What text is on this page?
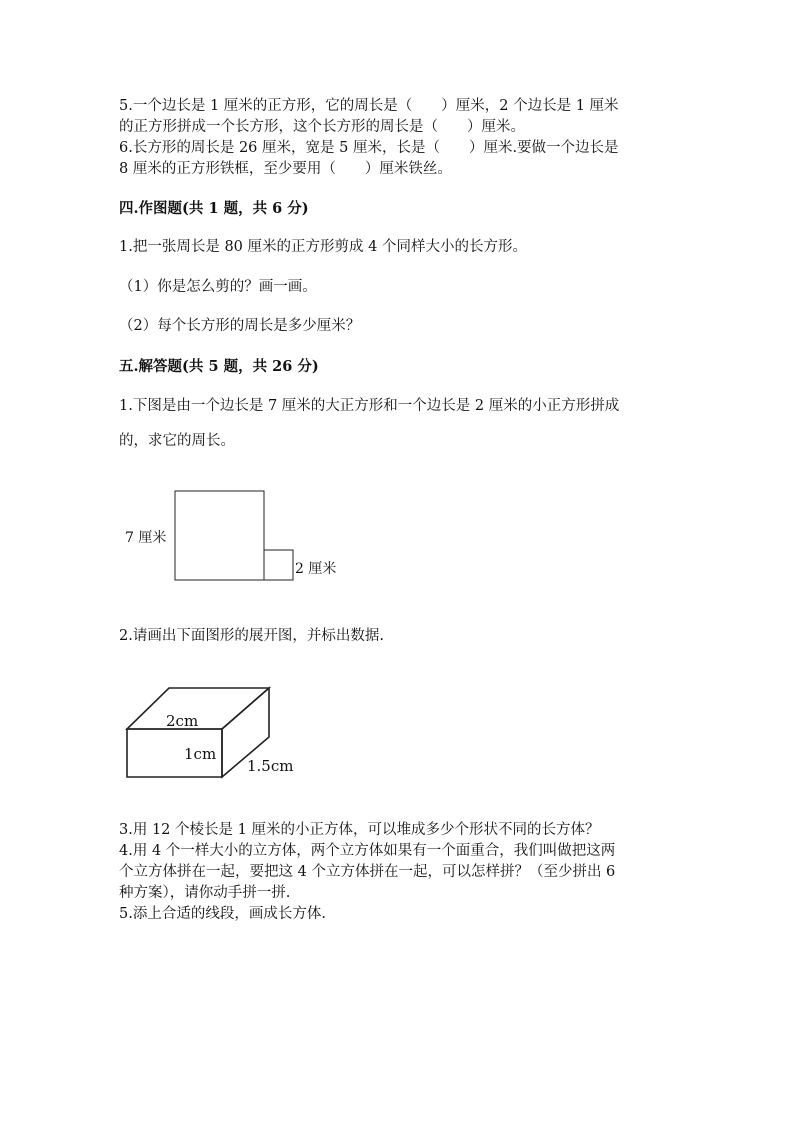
5.一个边长是 1 厘米的正方形，它的周长是（　　）厘米，2 个边长是 1 厘米
的正方形拼成一个长方形，这个长方形的周长是（　　）厘米。
6.长方形的周长是 26 厘米，宽是 5 厘米，长是（　　）厘米.要做一个边长是
8 厘米的正方形铁框，至少要用（　　）厘米铁丝。
四.作图题(共 1 题，共 6 分)
1.把一张周长是 80 厘米的正方形剪成 4 个同样大小的长方形。
（1）你是怎么剪的？画一画。
（2）每个长方形的周长是多少厘米？
五.解答题(共 5 题，共 26 分)
1.下图是由一个边长是 7 厘米的大正方形和一个边长是 2 厘米的小正方形拼成
的，求它的周长。
7 厘米
2 厘米
2.请画出下面图形的展开图，并标出数据.
2cm
1cm
1.5cm
3.用 12 个棱长是 1 厘米的小正方体，可以堆成多少个形状不同的长方体？
4.用 4 个一样大小的立方体，两个立方体如果有一个面重合，我们叫做把这两
个立方体拼在一起，要把这 4 个立方体拼在一起，可以怎样拼？（至少拼出 6
种方案），请你动手拼一拼.
5.添上合适的线段，画成长方体.
